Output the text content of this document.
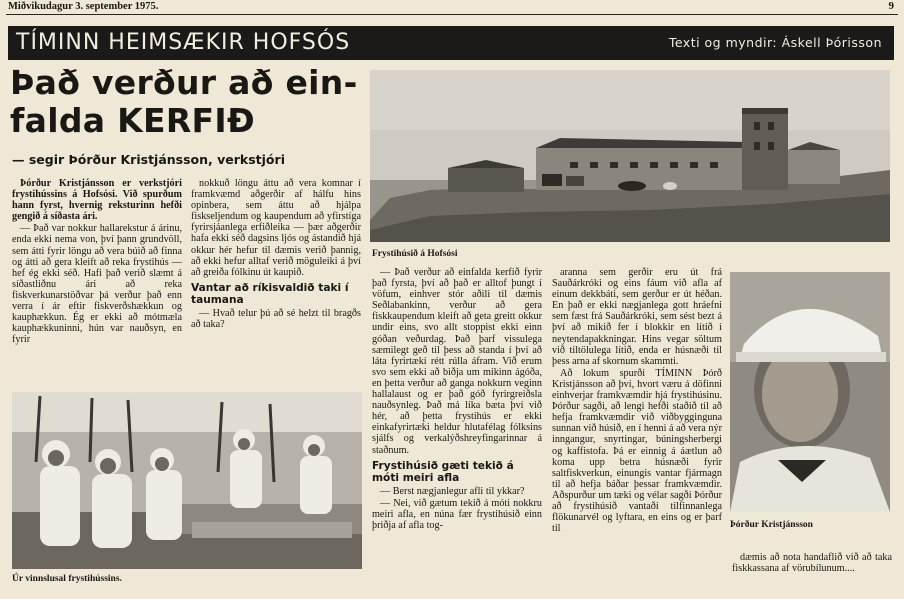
Miðvikudagur 3. september 1975.	9
TÍMINN HEIMSÆKIR HOFSÓS	Texti og myndir: Áskell Þórisson
Það verður að ein-
falda KERFIÐ
— segir Þórður Kristjánsson, verkstjóri

Þórður Kristjánsson er verkstjóri frystihússins á Hofsósi. Við spurðum hann fyrst, hvernig reksturinn hefði gengið á síðasta ári.

— Það var nokkur hallarekstur á árinu, enda ekki nema von, því þann grundvöll, sem átti fyrir löngu að vera búið að finna og átti að gera kleift að reka frystihús — hef ég ekki séð. Hafi það verið slæmt á síðastliðnu ári að reka fiskverkunarstöðvar þá verður það enn verra í ár eftir fiskverðshækkun og kauphækkun. Ég er ekki að mótmæla kauphækkuninni, hún var nauðsyn, en fyrir

nokkuð löngu áttu að vera komnar í framkvæmd aðgerðir af hálfu hins opinbera, sem áttu að hjálpa fiskseljendum og kaupendum að yfirstíga fyrirsjáanlega erfiðleika — þær aðgerðir hafa ekki séð dagsins ljós og ástandið hjá okkur hér hefur til dæmis verið þannig, að ekki hefur alltaf verið möguleiki á því að greiða fólkinu út kaupið.

Vantar að ríkisvaldið taki í taumana

— Hvað telur þú að sé helzt til bragðs að taka?

Frystihúsið á Hofsósi

— Það verður að einfalda kerfið fyrir það fyrsta, því að það er alltof þungt í vöfum, einhver stór aðili til dæmis Seðlabankinn, verður að gera fiskkaupendum kleift að geta greitt okkur undir eins, svo allt stoppist ekki einn góðan veðurdag. Það þarf vissulega sæmilegt geð til þess að standa í því að láta fyrirtækí rétt rúlla áfram. Við erum svo sem ekki að biðja um mikinn ágóða, en þetta verður að ganga nokkurn veginn hallalaust og er það góð fyrirgreiðsla nauðsynleg. Það má líka bæta því við hér, að þetta frystihús er ekki einkafyrirtæki heldur hlutafélag fólksins sjálfs og verkalýðshreyfingarinnar á staðnum.

Frystihúsið gæti tekið á móti meiri afla

— Berst nægjanlegur afli til ykkar?

— Nei, við gætum tekið á móti nokkru meiri afla, en núna fær frystihúsið einn þriðja af afla tog-

aranna sem gerðir eru út frá Sauðárkróki og eins fáum við afla af einum dekkbáti, sem gerður er út héðan. En það er ekki nægjanlega gott hráefni sem fæst frá Sauðárkróki, sem sést bezt á því að mikið fer í blokkir en lítið í neytendapakkningar. Hins vegar söltum við tiltölulega lítið, enda er húsnæði til þess arna af skornum skammti.

Að lokum spurði TÍMINN Þórð Kristjánsson að því, hvort væru á döfinni einhverjar framkvæmdir hjá frystihúsinu. Þórður sagði, að lengi hefði staðið til að hefja framkvæmdir við viðbygginguna sunnan við húsið, en í henni á að vera nýr inngangur, snyrtingar, búningsherbergi og kaffistofa. Þá er einnig á áætlun að koma upp betra húsnæði fyrir saltfiskverkun, einungis vantar fjármagn til að hefja báðar þessar framkvæmdir. Aðspurður um tæki og vélar sagði Þórður að frystihúsið vantaði tilfinnanlega flökunarvél og lyftara, en eins og er þarf til

Úr vinnslusal frystihússins.
Þórður Kristjánsson

dæmis að nota handaflið við að taka fiskkassana af vörubílunum....
